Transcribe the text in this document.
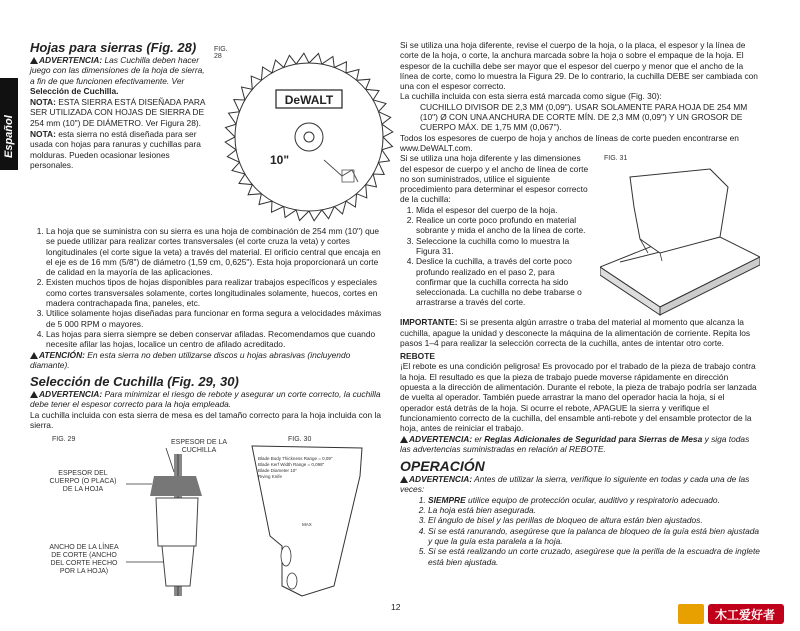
Español
Hojas para sierras (Fig. 28)

ADVERTENCIA: Las Cuchilla deben hacer juego con las dimensiones de la hoja de sierra, a fin de que funcionen efectivamente. Ver Selección de Cuchilla.

NOTA: ESTA SIERRA ESTÁ DISEÑADA PARA SER UTILIZADA CON HOJAS DE SIERRA DE 254 mm (10") DE DIÁMETRO. Ver Figura 28).

NOTA: esta sierra no está diseñada para ser usada con hojas para ranuras y cuchillas para molduras. Pueden ocasionar lesiones personales.

FIG. 28
DeWALT
10"
1. La hoja que se suministra con su sierra es una hoja de combinación de 254 mm (10") que se puede utilizar para realizar cortes transversales (el corte cruza la veta) y cortes longitudinales (el corte sigue la veta) a través del material. El orificio central que encaja en el eje es de 16 mm (5/8") de diámetro (1,59 cm, 0,625"). Esta hoja proporcionará un corte de calidad en la mayoría de las aplicaciones.
2. Existen muchos tipos de hojas disponibles para realizar trabajos específicos y especiales como cortes transversales solamente, cortes longitudinales solamente, huecos, cortes en madera contrachapada fina, paneles, etc.
3. Utilice solamente hojas diseñadas para funcionar en forma segura a velocidades máximas de 5 000 RPM o mayores.
4. Las hojas para sierra siempre se deben conservar afiladas. Recomendamos que cuando necesite afilar las hojas, localice un centro de afilado acreditado.

ATENCIÓN: En esta sierra no deben utilizarse discos u hojas abrasivas (incluyendo diamante).

Selección de Cuchilla (Fig. 29, 30)

ADVERTENCIA: Para minimizar el riesgo de rebote y asegurar un corte correcto, la cuchilla debe tener el espesor correcto para la hoja empleada.

La cuchilla incluida con esta sierra de mesa es del tamaño correcto para la hoja incluida con la sierra.

FIG. 29	FIG. 30
ESPESOR DE LA CUCHILLA
ESPESOR DEL CUERPO (O PLACA) DE LA HOJA
ANCHO DE LA LÍNEA DE CORTE (ANCHO DEL CORTE HECHO POR LA HOJA)
Blade Body Thickness Range = 0,09"
Blade Kerf Width Range = 0,098"
Blade Diameter 10"
Riving Knife
MAX

Si se utiliza una hoja diferente, revise el cuerpo de la hoja, o la placa, el espesor y la línea de corte de la hoja, o corte, la anchura marcada sobre la hoja o sobre el empaque de la hoja. El espesor de la cuchilla debe ser mayor que el espesor del cuerpo y menor que el ancho de la línea de corte, como lo muestra la Figura 29. De lo contrario, la cuchilla DEBE ser cambiada con una con el espesor correcto.

La cuchilla incluida con esta sierra está marcada como sigue (Fig. 30):

CUCHILLO DIVISOR DE 2,3 MM (0,09"). USAR SOLAMENTE PARA HOJA DE 254 MM (10") Ø CON UNA ANCHURA DE CORTE MÍN. DE 2,3 MM (0,09") Y UN GROSOR DE CUERPO MÁX. DE 1,75 MM (0,067").

Todos los espesores de cuerpo de hoja y anchos de líneas de corte pueden encontrarse en www.DeWALT.com.

Si se utiliza una hoja diferente y las dimensiones del espesor de cuerpo y el ancho de línea de corte no son suministrados, utilice el siguiente procedimiento para determinar el espesor correcto de la cuchilla:

1. Mida el espesor del cuerpo de la hoja.
2. Realice un corte poco profundo en material sobrante y mida el ancho de la línea de corte.
3. Seleccione la cuchilla como lo muestra la Figura 31.
4. Deslice la cuchilla, a través del corte poco profundo realizado en el paso 2, para confirmar que la cuchilla correcta ha sido seleccionada. La cuchilla no debe trabarse o arrastrarse a través del corte.
FIG. 31

IMPORTANTE: Si se presenta algún arrastre o traba del material al momento que alcanza la cuchilla, apague la unidad y desconecte la máquina de la alimentación de corriente. Repita los pasos 1–4 para realizar la selección correcta de la cuchilla, antes de intentar otro corte.

REBOTE

¡El rebote es una condición peligrosa! Es provocado por el trabado de la pieza de trabajo contra la hoja. El resultado es que la pieza de trabajo puede moverse rápidamente en dirección opuesta a la dirección de alimentación. Durante el rebote, la pieza de trabajo podría ser lanzada de vuelta al operador. También puede arrastrar la mano del operador hacia la hoja, si el operador está detrás de la hoja. Si ocurre el rebote, APAGUE la sierra y verifique el funcionamiento correcto de la cuchilla, del ensamble anti-rebote y del ensamble protector de la hoja, antes de reiniciar el trabajo.

ADVERTENCIA: er Reglas Adicionales de Seguridad para Sierras de Mesa y siga todas las advertencias suministradas en relación al REBOTE.

OPERACIÓN

ADVERTENCIA: Antes de utilizar la sierra, verifique lo siguiente en todas y cada una de las veces:

1. SIEMPRE utilice equipo de protección ocular, auditivo y respiratorio adecuado.
2. La hoja está bien asegurada.
3. El ángulo de bisel y las perillas de bloqueo de altura están bien ajustados.
4. Si se está ranurando, asegúrese que la palanca de bloqueo de la guía está bien ajustada y que la guía esta paralela a la hoja.
5. Si se está realizando un corte cruzado, asegúrese que la perilla de la escuadra de inglete está bien ajustada.
12
木工爱好者
